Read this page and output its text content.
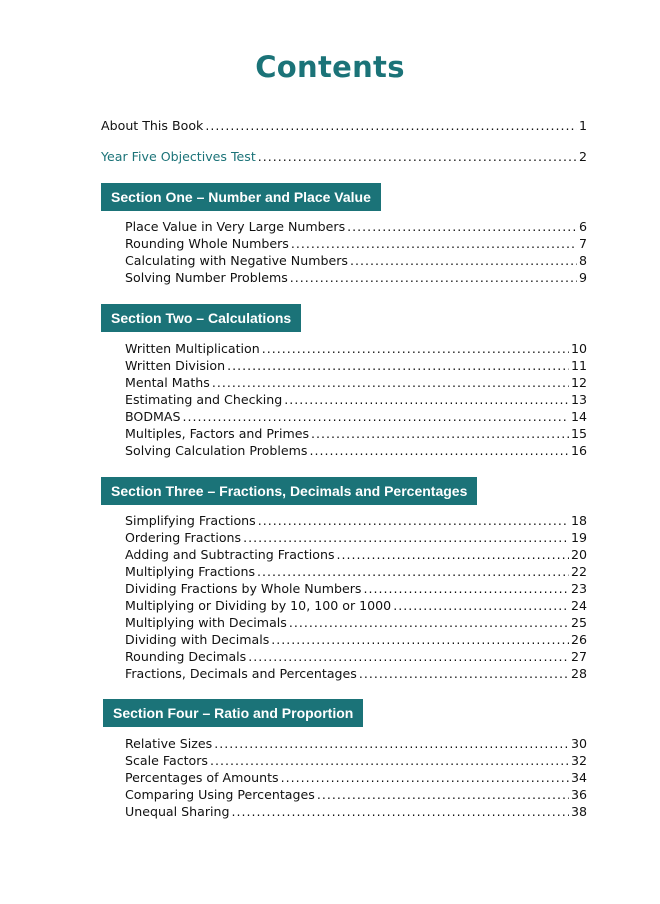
Contents
About This Book .....	1
Year Five Objectives Test .....	2
Section One – Number and Place Value
Place Value in Very Large Numbers .....	6
Rounding Whole Numbers .....	7
Calculating with Negative Numbers .....	8
Solving Number Problems .....	9
Section Two – Calculations
Written Multiplication .....	10
Written Division .....	11
Mental Maths .....	12
Estimating and Checking .....	13
BODMAS .....	14
Multiples, Factors and Primes .....	15
Solving Calculation Problems .....	16
Section Three – Fractions, Decimals and Percentages
Simplifying Fractions .....	18
Ordering Fractions .....	19
Adding and Subtracting Fractions .....	20
Multiplying Fractions .....	22
Dividing Fractions by Whole Numbers .....	23
Multiplying or Dividing by 10, 100 or 1000 .....	24
Multiplying with Decimals .....	25
Dividing with Decimals .....	26
Rounding Decimals .....	27
Fractions, Decimals and Percentages .....	28
Section Four – Ratio and Proportion
Relative Sizes .....	30
Scale Factors .....	32
Percentages of Amounts .....	34
Comparing Using Percentages .....	36
Unequal Sharing .....	38
